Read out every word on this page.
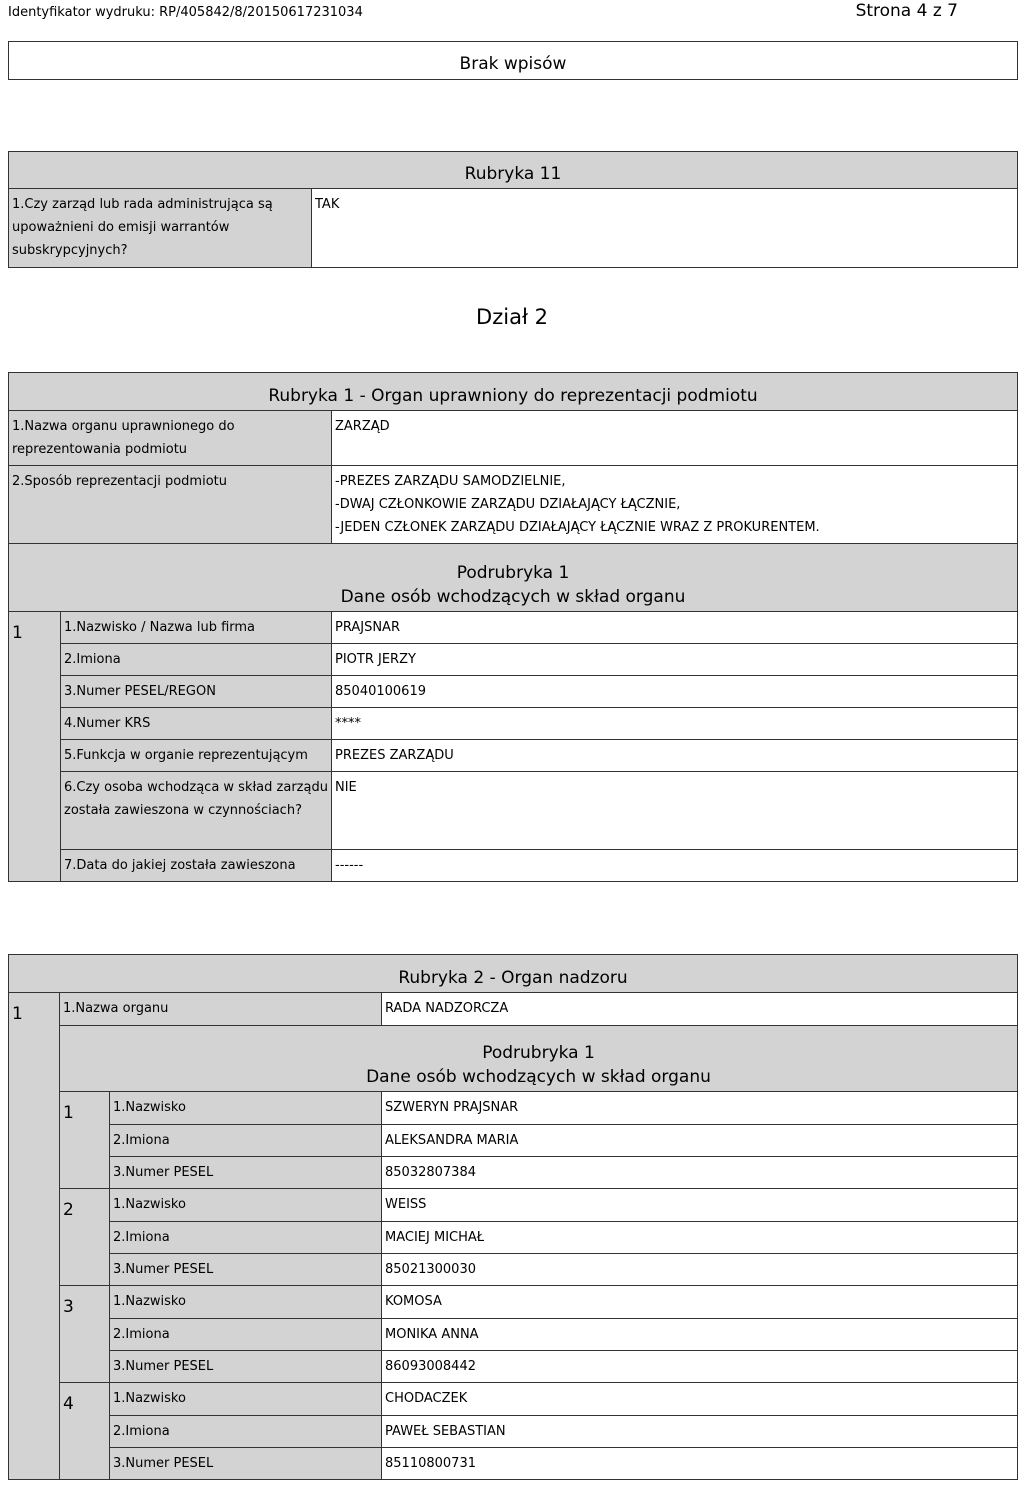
Identyfikator wydruku: RP/405842/8/20150617231034	Strona 4 z 7
Brak wpisów
Rubryka 11
1.Czy zarząd lub rada administrująca są upoważnieni do emisji warrantów subskrypcyjnych?	TAK
Dział 2
Rubryka 1 - Organ uprawniony do reprezentacji podmiotu		
1.Nazwa organu uprawnionego do reprezentowania podmiotu		ZARZĄD
2.Sposób reprezentacji podmiotu		-PREZES ZARZĄDU SAMODZIELNIE,
-DWAJ CZŁONKOWIE ZARZĄDU DZIAŁAJĄCY ŁĄCZNIE,
-JEDEN CZŁONEK ZARZĄDU DZIAŁAJĄCY ŁĄCZNIE WRAZ Z PROKURENTEM.

Podrubryka 1
Dane osób wchodzących w skład organu		

1	1.Nazwisko / Nazwa lub firma	PRAJSNAR
	2.Imiona	PIOTR JERZY
	3.Numer PESEL/REGON	85040100619
	4.Numer KRS	****
	5.Funkcja w organie reprezentującym	PREZES ZARZĄDU
	6.Czy osoba wchodząca w skład zarządu została zawieszona w czynnościach?	NIE
	7.Data do jakiej została zawieszona	------
Rubryka 2 - Organ nadzoru			
1	1.Nazwa organu		RADA NADZORCZA

	Podrubryka 1
Dane osób wchodzących w skład organu		

	1	1.Nazwisko	SZWERYN PRAJSNAR
		2.Imiona	ALEKSANDRA MARIA
		3.Numer PESEL	85032807384
	2	1.Nazwisko	WEISS
		2.Imiona	MACIEJ MICHAŁ
		3.Numer PESEL	85021300030
	3	1.Nazwisko	KOMOSA
		2.Imiona	MONIKA ANNA
		3.Numer PESEL	86093008442
	4	1.Nazwisko	CHODACZEK
		2.Imiona	PAWEŁ SEBASTIAN
		3.Numer PESEL	85110800731
